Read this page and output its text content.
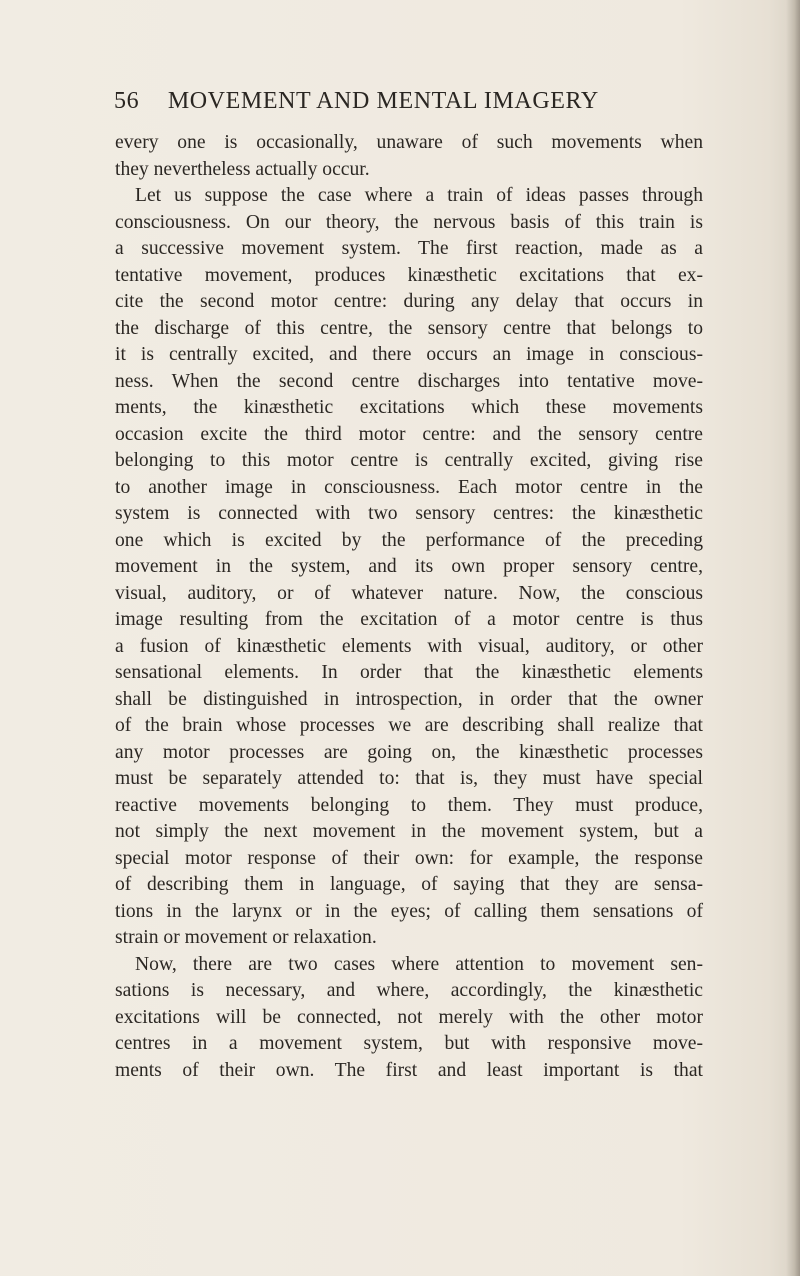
56 MOVEMENT AND MENTAL IMAGERY
every one is occasionally, unaware of such movements when
they nevertheless actually occur.
Let us suppose the case where a train of ideas passes through
consciousness. On our theory, the nervous basis of this train is
a successive movement system. The first reaction, made as a
tentative movement, produces kinæsthetic excitations that ex-
cite the second motor centre: during any delay that occurs in
the discharge of this centre, the sensory centre that belongs to
it is centrally excited, and there occurs an image in conscious-
ness. When the second centre discharges into tentative move-
ments, the kinæsthetic excitations which these movements
occasion excite the third motor centre: and the sensory centre
belonging to this motor centre is centrally excited, giving rise
to another image in consciousness. Each motor centre in the
system is connected with two sensory centres: the kinæsthetic
one which is excited by the performance of the preceding
movement in the system, and its own proper sensory centre,
visual, auditory, or of whatever nature. Now, the conscious
image resulting from the excitation of a motor centre is thus
a fusion of kinæsthetic elements with visual, auditory, or other
sensational elements. In order that the kinæsthetic elements
shall be distinguished in introspection, in order that the owner
of the brain whose processes we are describing shall realize that
any motor processes are going on, the kinæsthetic processes
must be separately attended to: that is, they must have special
reactive movements belonging to them. They must produce,
not simply the next movement in the movement system, but a
special motor response of their own: for example, the response
of describing them in language, of saying that they are sensa-
tions in the larynx or in the eyes; of calling them sensations of
strain or movement or relaxation.
Now, there are two cases where attention to movement sen-
sations is necessary, and where, accordingly, the kinæsthetic
excitations will be connected, not merely with the other motor
centres in a movement system, but with responsive move-
ments of their own. The first and least important is that
